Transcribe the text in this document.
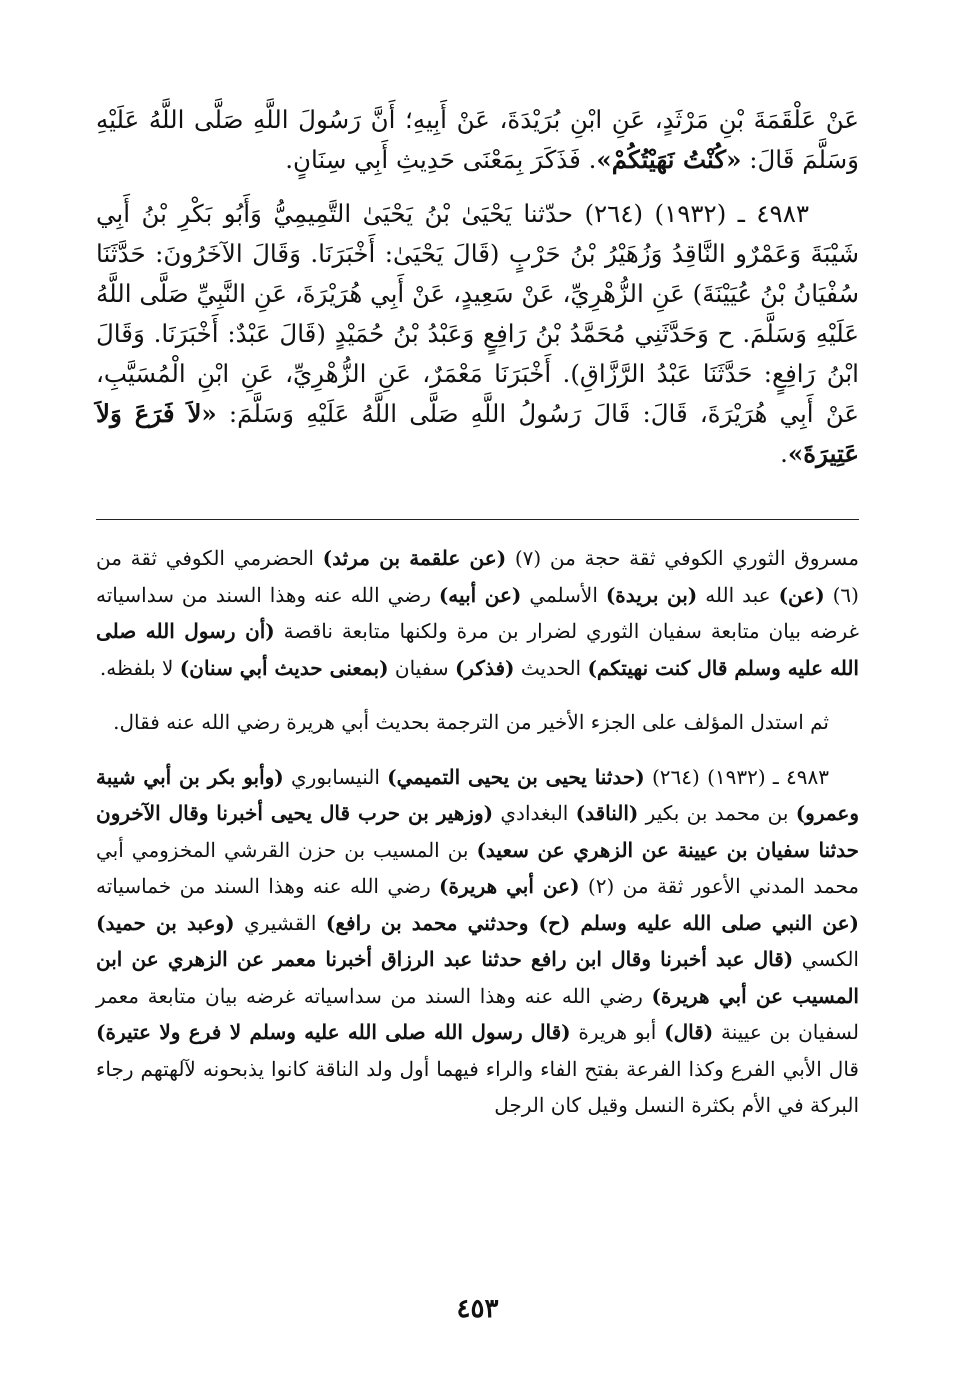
عَنْ عَلْقَمَةَ بْنِ مَرْثَدٍ، عَنِ ابْنِ بُرَيْدَةَ، عَنْ أَبِيهِ؛ أَنَّ رَسُولَ اللَّهِ صَلَّى اللَّهُ عَلَيْهِ وَسَلَّمَ قَالَ: «كُنْتُ نَهَيْتُكُمْ». فَذَكَرَ بِمَعْنَى حَدِيثِ أَبِي سِنَانٍ.

٤٩٨٣ ـ (١٩٣٢) (٢٦٤) حدّثنا يَحْيَىٰ بْنُ يَحْيَىٰ التَّمِيمِيُّ وَأَبُو بَكْرِ بْنُ أَبِي شَيْبَةَ وَعَمْرٌو النَّاقِدُ وَزُهَيْرُ بْنُ حَرْبٍ (قَالَ يَحْيَىٰ: أَخْبَرَنَا. وَقَالَ الآخَرُونَ: حَدَّثَنَا سُفْيَانُ بْنُ عُيَيْنَةَ) عَنِ الزُّهْرِيِّ، عَنْ سَعِيدٍ، عَنْ أَبِي هُرَيْرَةَ، عَنِ النَّبِيِّ صَلَّى اللَّهُ عَلَيْهِ وَسَلَّمَ. ح وَحَدَّثَنِي مُحَمَّدُ بْنُ رَافِعٍ وَعَبْدُ بْنُ حُمَيْدٍ (قَالَ عَبْدٌ: أَخْبَرَنَا. وَقَالَ ابْنُ رَافِعٍ: حَدَّثَنَا عَبْدُ الرَّزَّاقِ). أَخْبَرَنَا مَعْمَرٌ، عَنِ الزُّهْرِيِّ، عَنِ ابْنِ الْمُسَيَّبِ، عَنْ أَبِي هُرَيْرَةَ، قَالَ: قَالَ رَسُولُ اللَّهِ صَلَّى اللَّهُ عَلَيْهِ وَسَلَّمَ: «لاَ فَرَعَ وَلاَ عَتِيرَةَ».

مسروق الثوري الكوفي ثقة حجة من (٧) (عن علقمة بن مرثد) الحضرمي الكوفي ثقة من (٦) (عن) عبد الله (بن بريدة) الأسلمي (عن أبيه) رضي الله عنه وهذا السند من سداسياته غرضه بيان متابعة سفيان الثوري لضرار بن مرة ولكنها متابعة ناقصة (أن رسول الله صلى الله عليه وسلم قال كنت نهيتكم) الحديث (فذكر) سفيان (بمعنى حديث أبي سنان) لا بلفظه.

ثم استدل المؤلف على الجزء الأخير من الترجمة بحديث أبي هريرة رضي الله عنه فقال.

٤٩٨٣ ـ (١٩٣٢) (٢٦٤) (حدثنا يحيى بن يحيى التميمي) النيسابوري (وأبو بكر بن أبي شيبة وعمرو) بن محمد بن بكير (الناقد) البغدادي (وزهير بن حرب قال يحيى أخبرنا وقال الآخرون حدثنا سفيان بن عيينة عن الزهري عن سعيد) بن المسيب بن حزن القرشي المخزومي أبي محمد المدني الأعور ثقة من (٢) (عن أبي هريرة) رضي الله عنه وهذا السند من خماسياته (عن النبي صلى الله عليه وسلم (ح) وحدثني محمد بن رافع) القشيري (وعبد بن حميد) الكسي (قال عبد أخبرنا وقال ابن رافع حدثنا عبد الرزاق أخبرنا معمر عن الزهري عن ابن المسيب عن أبي هريرة) رضي الله عنه وهذا السند من سداسياته غرضه بيان متابعة معمر لسفيان بن عيينة (قال) أبو هريرة (قال رسول الله صلى الله عليه وسلم لا فرع ولا عتيرة) قال الأبي الفرع وكذا الفرعة بفتح الفاء والراء فيهما أول ولد الناقة كانوا يذبحونه لآلهتهم رجاء البركة في الأم بكثرة النسل وقيل كان الرجل

٤٥٣
